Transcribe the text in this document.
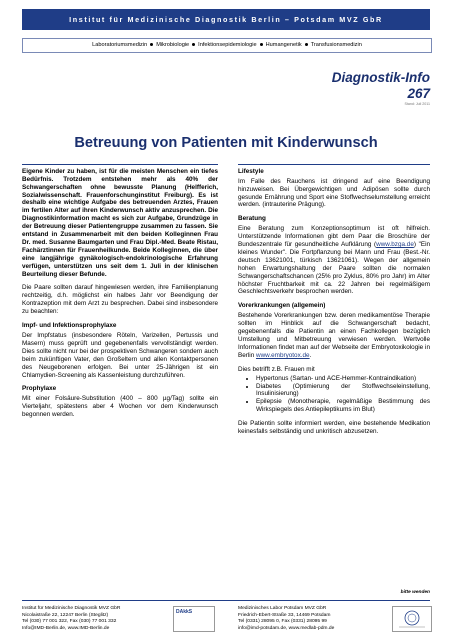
Institut für Medizinische Diagnostik Berlin – Potsdam MVZ GbR
Laboratoriumsmedizin Mikrobiologie Infektionsepidemiologie Humangenetik Transfusionsmedizin
Diagnostik-Info
267
Stand: Juli 2011
Betreuung von Patienten mit Kinderwunsch

Eigene Kinder zu haben, ist für die meisten Menschen ein tiefes Bedürfnis. Trotzdem entstehen mehr als 40% der Schwangerschaften ohne bewusste Planung (Helfferich, Sozialwissenschaft. Frauenforschunginstitut Freiburg). Es ist deshalb eine wichtige Aufgabe des betreuenden Arztes, Frauen im fertilen Alter auf ihren Kinderwunsch aktiv anzusprechen. Die Diagnostikinformation macht es sich zur Aufgabe, Grundzüge in der Betreuung dieser Patientengruppe zusammen zu fassen. Sie entstand in Zusammenarbeit mit den beiden Kolleginnen Frau Dr. med. Susanne Baumgarten und Frau Dipl.-Med. Beate Ristau, Fachärztinnen für Frauenheilkunde. Beide Kolleginnen, die über eine langjährige gynäkologisch-endokrinologische Erfahrung verfügen, unterstützen uns seit dem 1. Juli in der klinischen Beurteilung dieser Befunde.

Die Paare sollten darauf hingewiesen werden, ihre Familienplanung rechtzeitig, d.h. möglichst ein halbes Jahr vor Beendigung der Kontrazeption mit dem Arzt zu besprechen. Dabei sind insbesondere zu beachten:

Impf- und Infektionsprophylaxe

Der Impfstatus (insbesondere Röteln, Varizellen, Pertussis und Masern) muss geprüft und gegebenenfalls vervollständigt werden. Dies sollte nicht nur bei der prospektiven Schwangeren sondern auch beim zukünftigen Vater, den Großeltern und allen Kontaktpersonen des Neugeborenen erfolgen. Bei unter 25-Jährigen ist ein Chlamydien-Screening als Kassenleistung durchzuführen.

Prophylaxe

Mit einer Folsäure-Substitution (400 – 800 µg/Tag) sollte ein Vierteljahr, spätestens aber 4 Wochen vor dem Kinderwunsch begonnen werden.

Lifestyle

Im Falle des Rauchens ist dringend auf eine Beendigung hinzuweisen. Bei Übergewichtigen und Adipösen sollte durch gesunde Ernährung und Sport eine Stoffwechselumstellung erreicht werden. (intrauterine Prägung).

Beratung

Eine Beratung zum Konzeptionsoptimum ist oft hilfreich. Unterstützende Informationen gibt dem Paar die Broschüre der Bundeszentrale für gesundheitliche Aufklärung (www.bzga.de) "Ein kleines Wunder". Die Fortpflanzung bei Mann und Frau (Best.-Nr. deutsch 13621001, türkisch 13621061). Wegen der allgemein hohen Erwartungshaltung der Paare sollten die normalen Schwangerschaftschancen (25% pro Zyklus, 80% pro Jahr) im Alter höchster Fruchtbarkeit mit ca. 22 Jahren bei regelmäßigem Geschlechtsverkehr besprochen werden.

Vorerkrankungen (allgemein)

Bestehende Vorerkrankungen bzw. deren medikamentöse Therapie sollten im Hinblick auf die Schwangerschaft bedacht, gegebenenfalls die Patientin an einen Fachkollegen bezüglich Umstellung und Mitbetreuung verwiesen werden. Wertvolle Informationen findet man auf der Webseite der Embryotoxikologie in Berlin www.embryotox.de.

Dies betrifft z.B. Frauen mit

• Hypertonus (Sartan- und ACE-Hemmer-Kontraindikation)
• Diabetes (Optimierung der Stoffwechseleinstellung, Insulinisierung)
• Epilepsie (Monotherapie, regelmäßige Bestimmung des Wirkspiegels des Antiepileptikums im Blut)

Die Patientin sollte informiert werden, eine bestehende Medikation keinesfalls selbständig und unkritisch abzusetzen.

bitte wenden
Institut für Medizinische Diagnostik MVZ GbR
Nicolaistraße 22, 12247 Berlin (Steglitz)
Tel (030) 77 001 322, Fax (030) 77 001 332
Info@IMD-Berlin.de, www.IMD-Berlin.de
DAkkS
Medizinisches Labor Potsdam MVZ GbR
Friedrich-Ebert-Straße 33, 14469 Potsdam
Tel (0331) 28095 0, Fax (0331) 28095 99
info@imd-potsdam.de, www.medlab-pdm.de
